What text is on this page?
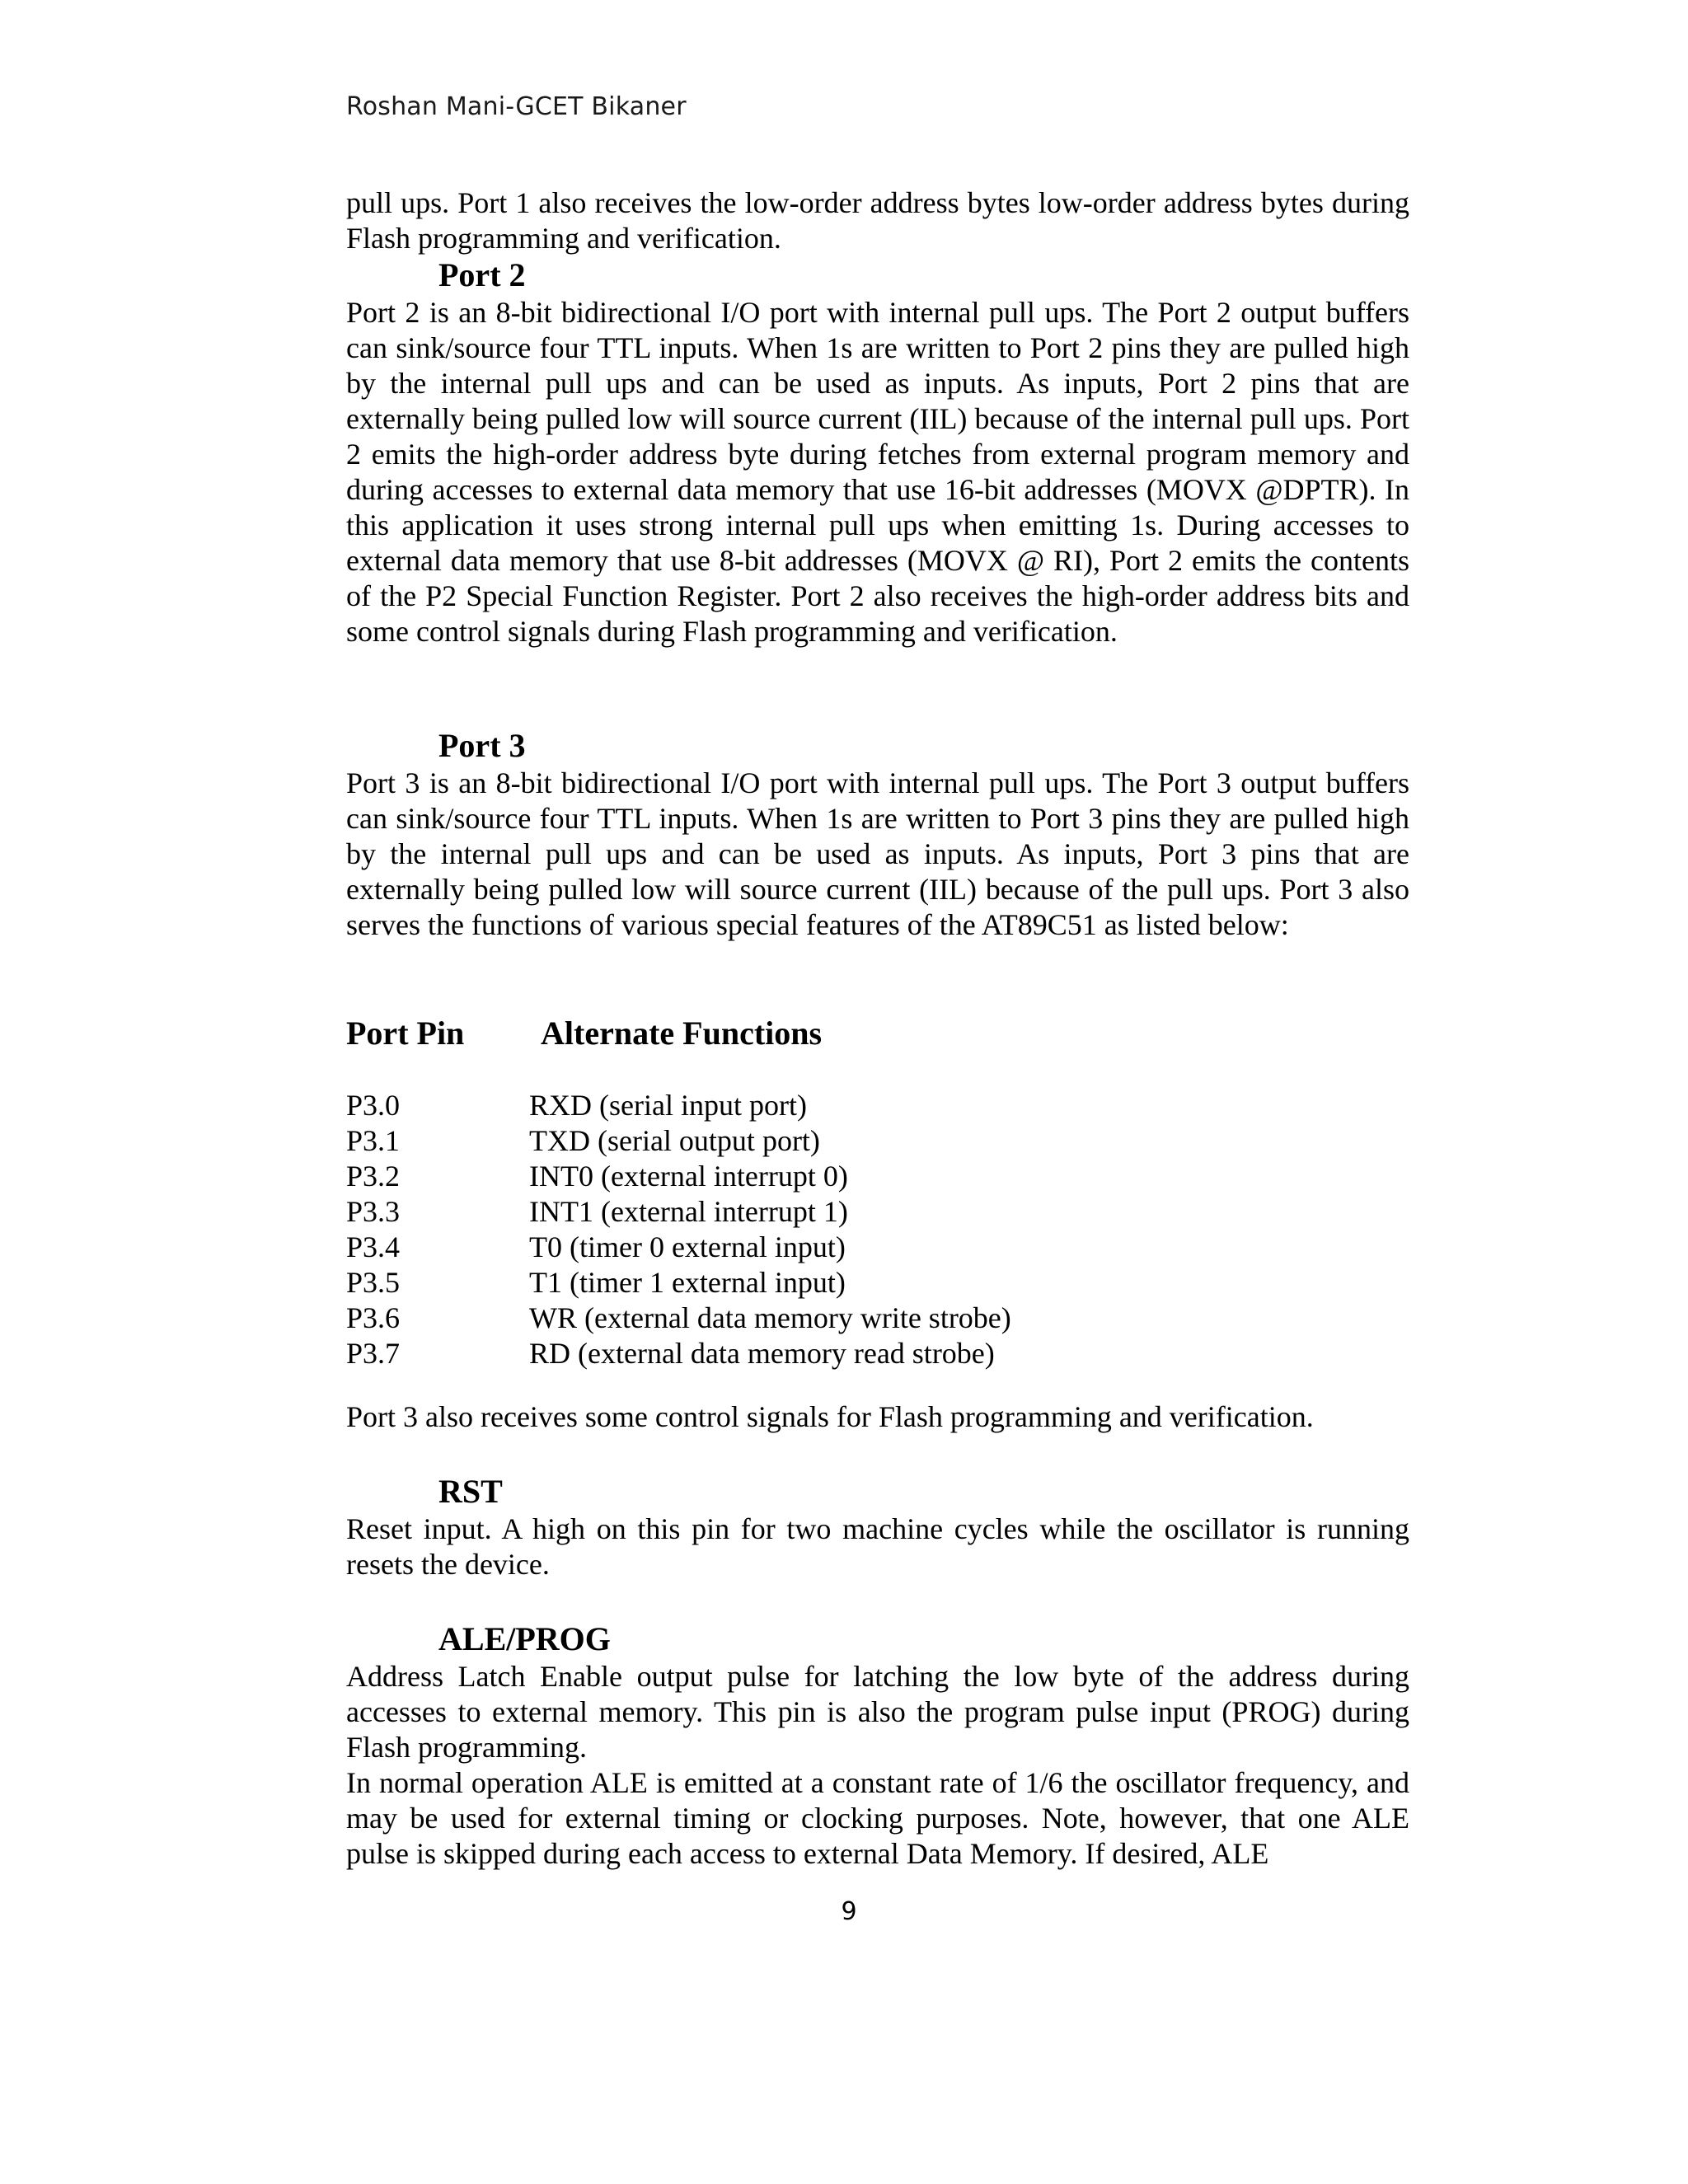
Roshan Mani-GCET Bikaner

pull ups. Port 1 also receives the low-order address bytes low-order address bytes during Flash programming and verification.

Port 2

Port 2 is an 8-bit bidirectional I/O port with internal pull ups. The Port 2 output buffers can sink/source four TTL inputs. When 1s are written to Port 2 pins they are pulled high by the internal pull ups and can be used as inputs. As inputs, Port 2 pins that are externally being pulled low will source current (IIL) because of the internal pull ups. Port 2 emits the high-order address byte during fetches from external program memory and during accesses to external data memory that use 16-bit addresses (MOVX @DPTR). In this application it uses strong internal pull ups when emitting 1s. During accesses to external data memory that use 8-bit addresses (MOVX @ RI), Port 2 emits the contents of the P2 Special Function Register. Port 2 also receives the high-order address bits and some control signals during Flash programming and verification.

Port 3

Port 3 is an 8-bit bidirectional I/O port with internal pull ups. The Port 3 output buffers can sink/source four TTL inputs. When 1s are written to Port 3 pins they are pulled high by the internal pull ups and can be used as inputs. As inputs, Port 3 pins that are externally being pulled low will source current (IIL) because of the pull ups. Port 3 also serves the functions of various special features of the AT89C51 as listed below:

Port Pin Alternate Functions
P3.0	RXD (serial input port)
P3.1	TXD (serial output port)
P3.2	INT0 (external interrupt 0)
P3.3	INT1 (external interrupt 1)
P3.4	T0 (timer 0 external input)
P3.5	T1 (timer 1 external input)
P3.6	WR (external data memory write strobe)
P3.7	RD (external data memory read strobe)

Port 3 also receives some control signals for Flash programming and verification.

RST

Reset input. A high on this pin for two machine cycles while the oscillator is running resets the device.

ALE/PROG

Address Latch Enable output pulse for latching the low byte of the address during accesses to external memory. This pin is also the program pulse input (PROG) during Flash programming.

In normal operation ALE is emitted at a constant rate of 1/6 the oscillator frequency, and may be used for external timing or clocking purposes. Note, however, that one ALE pulse is skipped during each access to external Data Memory. If desired, ALE

9
